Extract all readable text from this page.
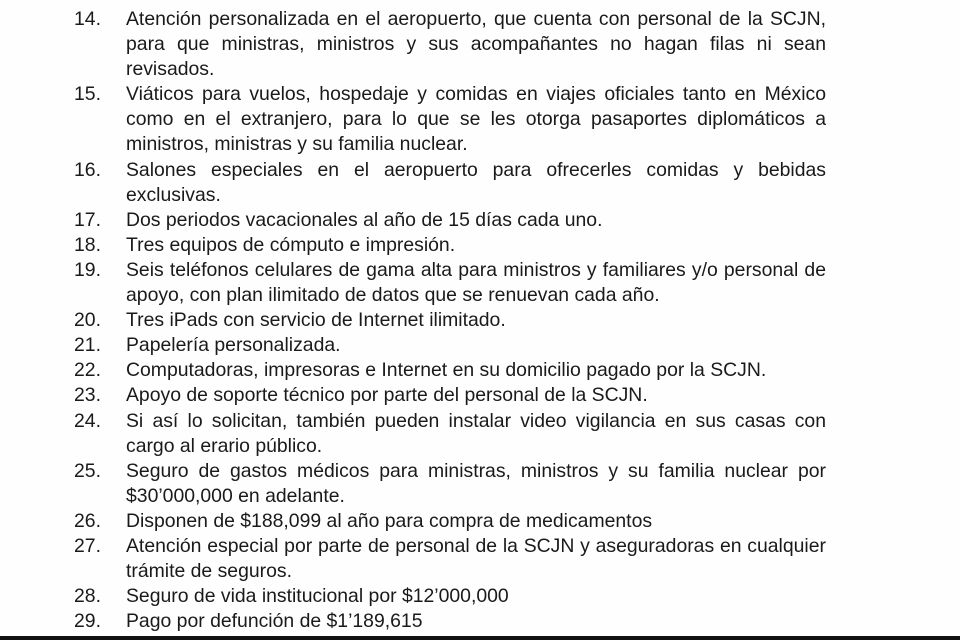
14.	Atención personalizada en el aeropuerto, que cuenta con personal de la SCJN, para que ministras, ministros y sus acompañantes no hagan filas ni sean revisados.
15.	Viáticos para vuelos, hospedaje y comidas en viajes oficiales tanto en México como en el extranjero, para lo que se les otorga pasaportes diplomáticos a ministros, ministras y su familia nuclear.
16.	Salones especiales en el aeropuerto para ofrecerles comidas y bebidas exclusivas.
17.	Dos periodos vacacionales al año de 15 días cada uno.
18.	Tres equipos de cómputo e impresión.
19.	Seis teléfonos celulares de gama alta para ministros y familiares y/o personal de apoyo, con plan ilimitado de datos que se renuevan cada año.
20.	Tres iPads con servicio de Internet ilimitado.
21.	Papelería personalizada.
22.	Computadoras, impresoras e Internet en su domicilio pagado por la SCJN.
23.	Apoyo de soporte técnico por parte del personal de la SCJN.
24.	Si así lo solicitan, también pueden instalar video vigilancia en sus casas con cargo al erario público.
25.	Seguro de gastos médicos para ministras, ministros y su familia nuclear por $30’000,000 en adelante.
26.	Disponen de $188,099 al año para compra de medicamentos
27.	Atención especial por parte de personal de la SCJN y aseguradoras en cualquier trámite de seguros.
28.	Seguro de vida institucional por $12’000,000
29.	Pago por defunción de $1’189,615
